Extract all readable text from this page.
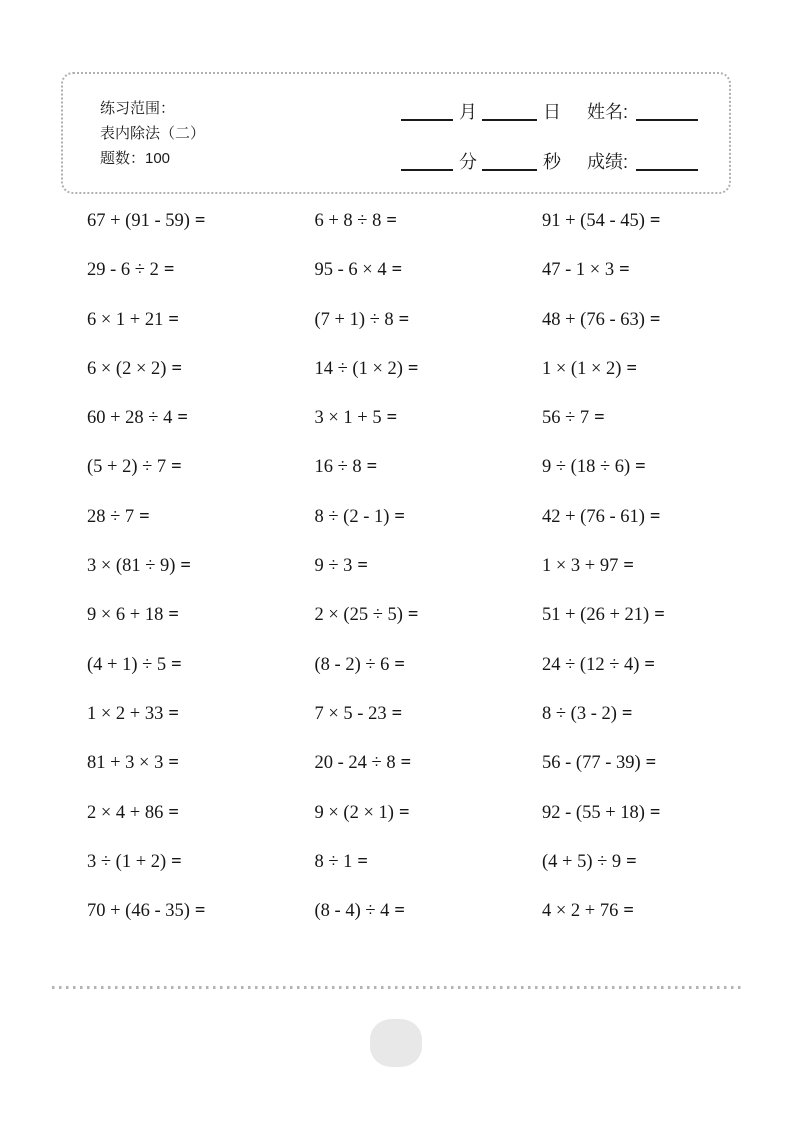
练习范围：
表内除法（二）
题数：100
月	日 姓名:
分	秒 成绩:
67 + (91 - 59) =
29 - 6 ÷ 2 =
6 × 1 + 21 =
6 × (2 × 2) =
60 + 28 ÷ 4 =
(5 + 2) ÷ 7 =
28 ÷ 7 =
3 × (81 ÷ 9) =
9 × 6 + 18 =
(4 + 1) ÷ 5 =
1 × 2 + 33 =
81 + 3 × 3 =
2 × 4 + 86 =
3 ÷ (1 + 2) =
70 + (46 - 35) =
6 + 8 ÷ 8 =
95 - 6 × 4 =
(7 + 1) ÷ 8 =
14 ÷ (1 × 2) =
3 × 1 + 5 =
16 ÷ 8 =
8 ÷ (2 - 1) =
9 ÷ 3 =
2 × (25 ÷ 5) =
(8 - 2) ÷ 6 =
7 × 5 - 23 =
20 - 24 ÷ 8 =
9 × (2 × 1) =
8 ÷ 1 =
(8 - 4) ÷ 4 =
91 + (54 - 45) =
47 - 1 × 3 =
48 + (76 - 63) =
1 × (1 × 2) =
56 ÷ 7 =
9 ÷ (18 ÷ 6) =
42 + (76 - 61) =
1 × 3 + 97 =
51 + (26 + 21) =
24 ÷ (12 ÷ 4) =
8 ÷ (3 - 2) =
56 - (77 - 39) =
92 - (55 + 18) =
(4 + 5) ÷ 9 =
4 × 2 + 76 =
